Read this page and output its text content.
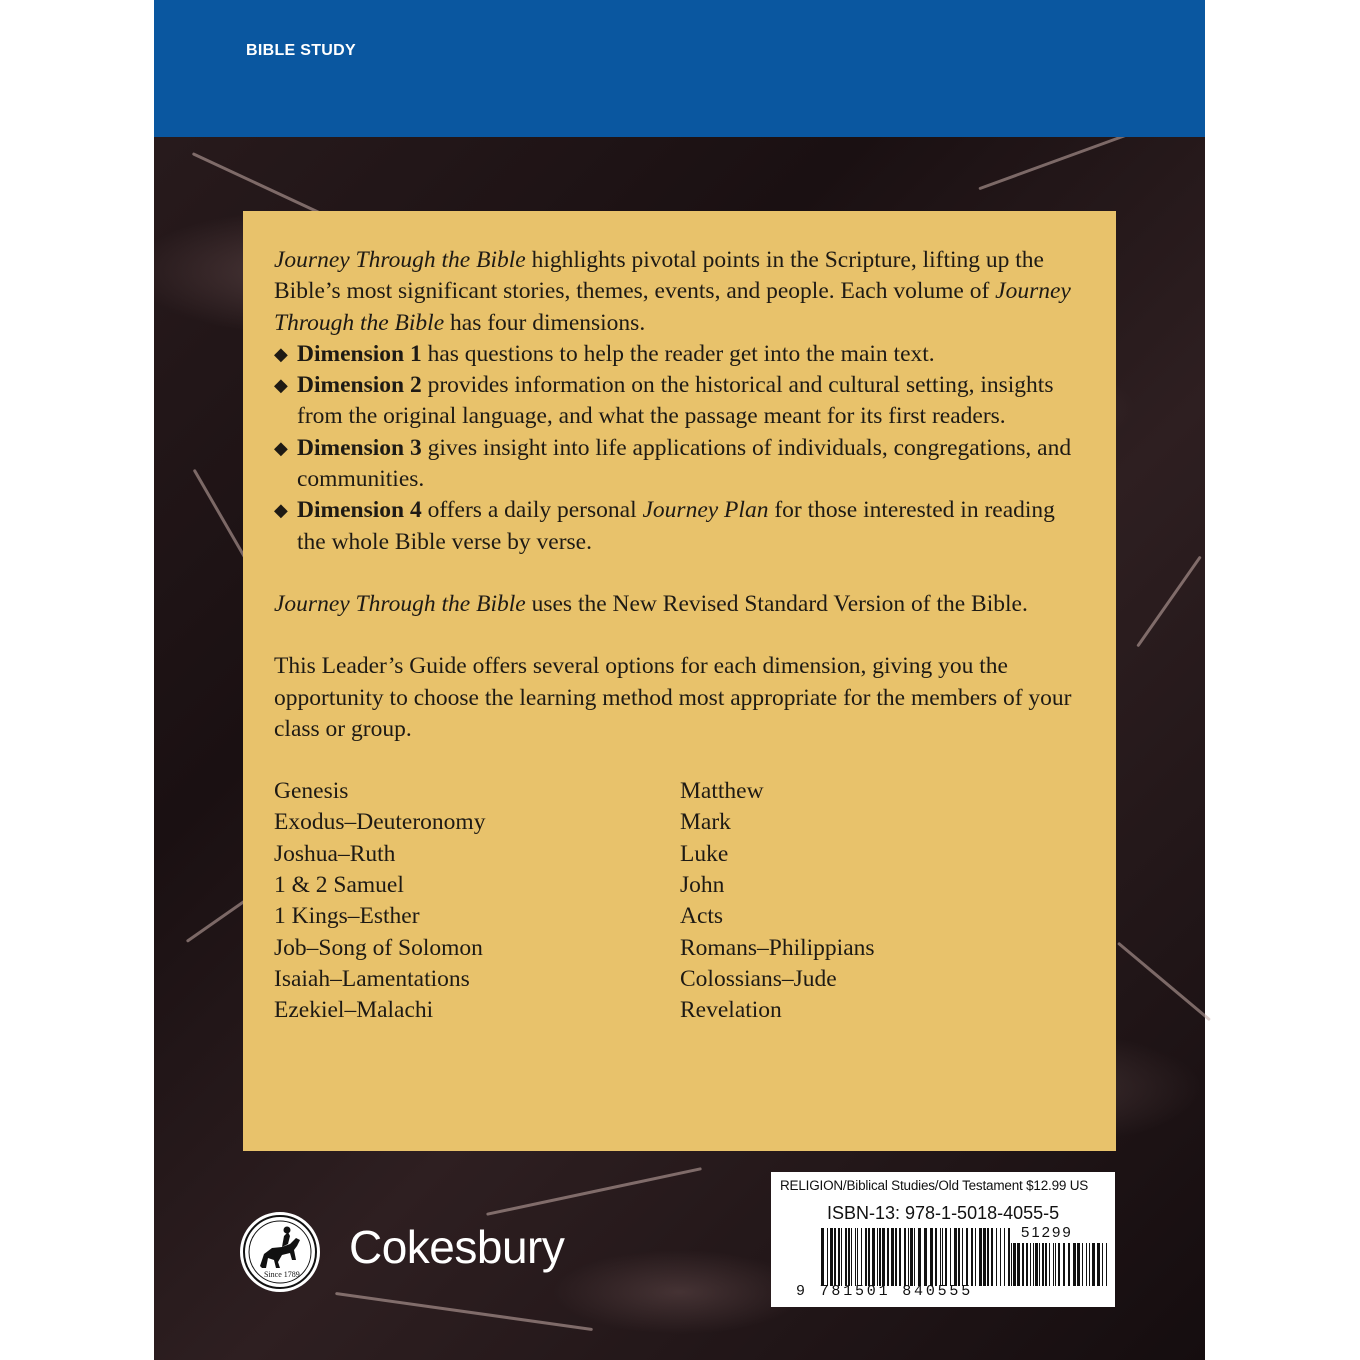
BIBLE STUDY

Journey Through the Bible highlights pivotal points in the Scripture, lifting up the Bible’s most significant stories, themes, events, and people. Each volume of Journey Through the Bible has four dimensions.

◆ Dimension 1 has questions to help the reader get into the main text.
◆ Dimension 2 provides information on the historical and cultural setting, insights from the original language, and what the passage meant for its first readers.
◆ Dimension 3 gives insight into life applications of individuals, congregations, and communities.
◆ Dimension 4 offers a daily personal Journey Plan for those interested in reading the whole Bible verse by verse.

Journey Through the Bible uses the New Revised Standard Version of the Bible.

This Leader’s Guide offers several options for each dimension, giving you the opportunity to choose the learning method most appropriate for the members of your class or group.

Genesis
Exodus–Deuteronomy
Joshua–Ruth
1 & 2 Samuel
1 Kings–Esther
Job–Song of Solomon
Isaiah–Lamentations
Ezekiel–Malachi
Matthew
Mark
Luke
John
Acts
Romans–Philippians
Colossians–Jude
Revelation
Since 1789
Cokesbury
RELIGION/Biblical Studies/Old Testament $12.99 US
ISBN-13: 978-1-5018-4055-5
51299
9 781501 840555
